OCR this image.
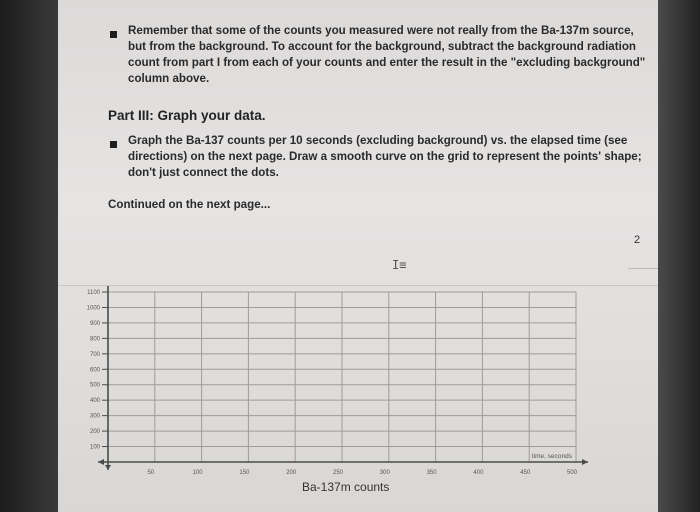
Remember that some of the counts you measured were not really from the Ba-137m source,
but from the background. To account for the background, subtract the background radiation
count from part I from each of your counts and enter the result in the "excluding background"
column above.
Part III: Graph your data.
Graph the Ba-137 counts per 10 seconds (excluding background) vs. the elapsed time (see
directions) on the next page. Draw a smooth curve on the grid to represent the points' shape;
don't just connect the dots.
Continued on the next page...
2
I≡
1100
1000
900
800
700
600
500
400
300
200
100
50	100	150	200	250	300	350	400	450	500
time, seconds
Ba-137m counts
